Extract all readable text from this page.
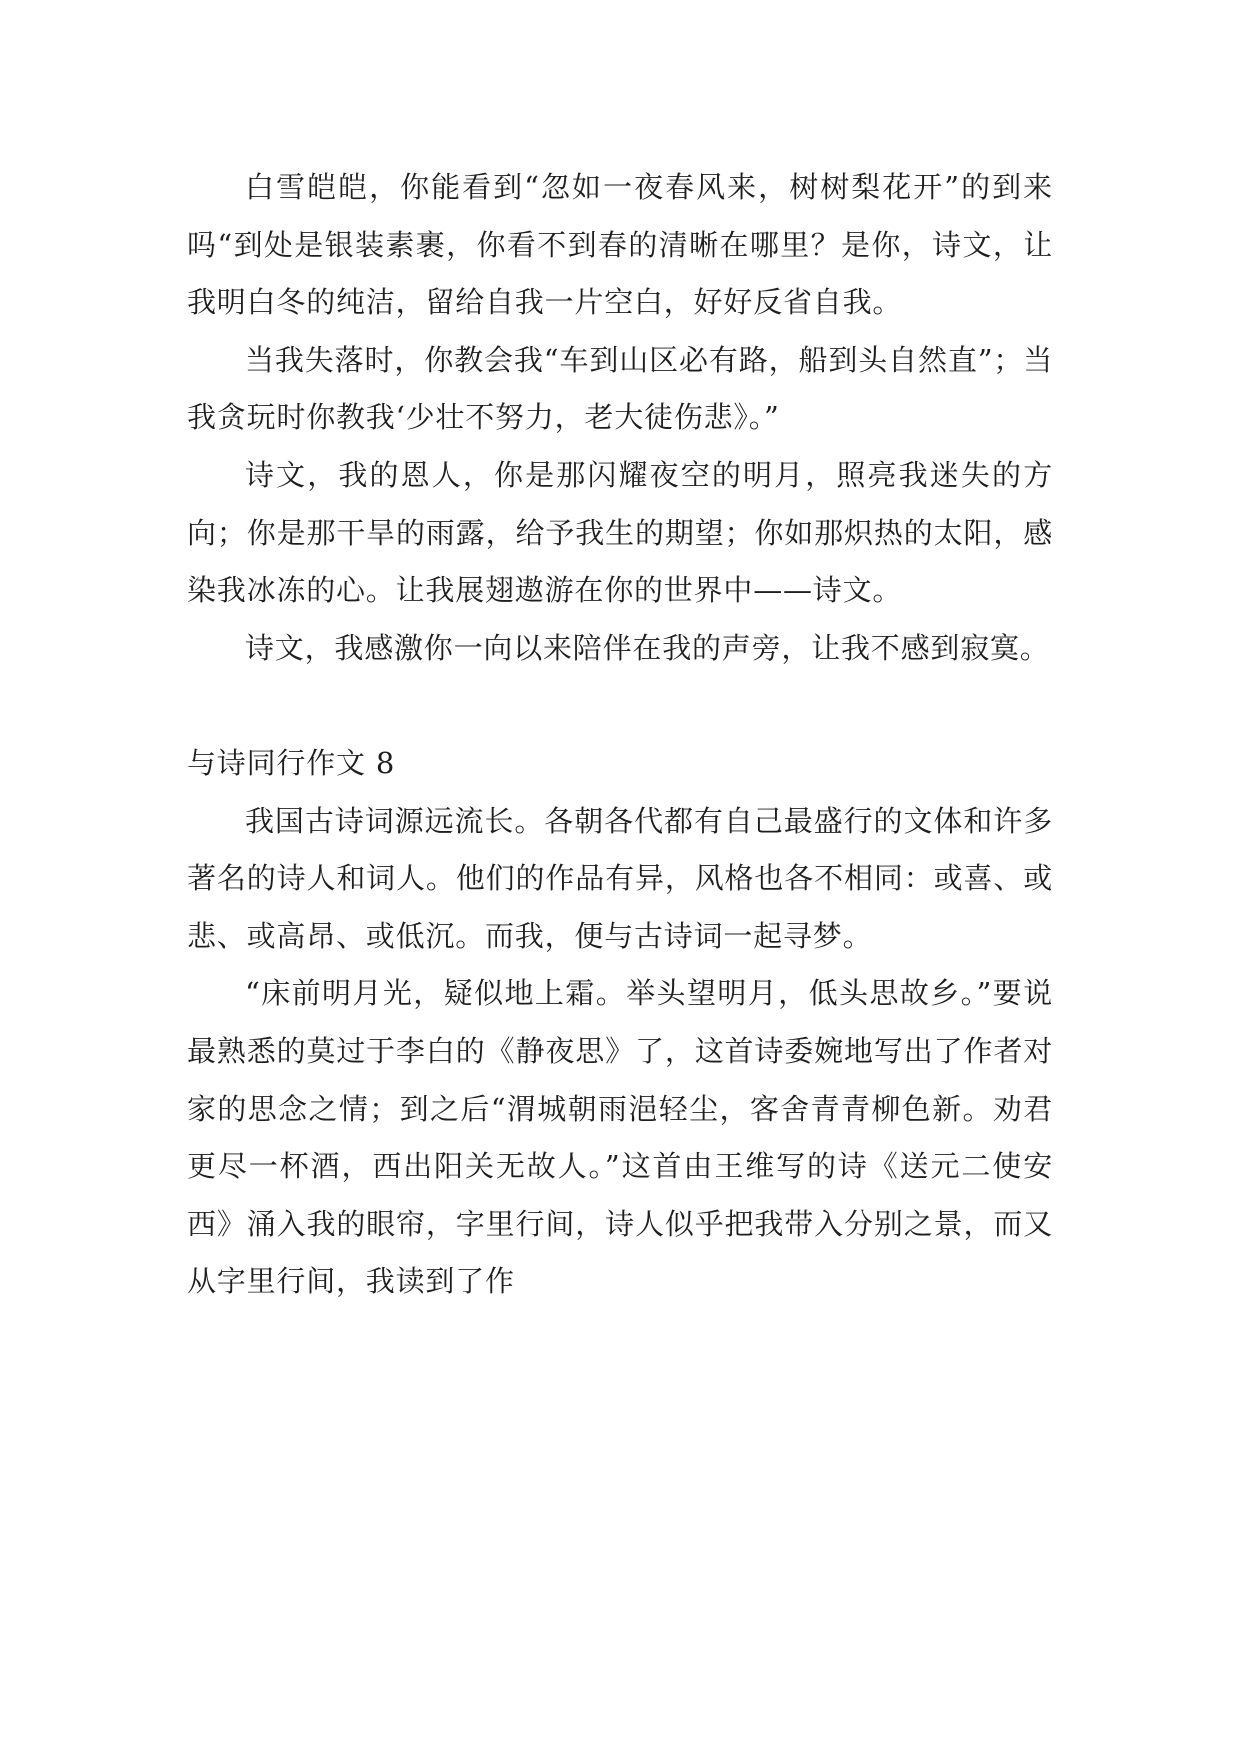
白雪皑皑，你能看到“忽如一夜春风来，树树梨花开”的到来吗“到处是银装素裹，你看不到春的清晰在哪里？是你，诗文，让我明白冬的纯洁，留给自我一片空白，好好反省自我。

当我失落时，你教会我“车到山区必有路，船到头自然直”；当我贪玩时你教我‘少壮不努力，老大徒伤悲》。”

诗文，我的恩人，你是那闪耀夜空的明月，照亮我迷失的方向；你是那干旱的雨露，给予我生的期望；你如那炽热的太阳，感染我冰冻的心。让我展翅遨游在你的世界中——诗文。

诗文，我感激你一向以来陪伴在我的声旁，让我不感到寂寞。

与诗同行作文 8

我国古诗词源远流长。各朝各代都有自己最盛行的文体和许多著名的诗人和词人。他们的作品有异，风格也各不相同：或喜、或悲、或高昂、或低沉。而我，便与古诗词一起寻梦。

“床前明月光，疑似地上霜。举头望明月，低头思故乡。”要说最熟悉的莫过于李白的《静夜思》了，这首诗委婉地写出了作者对家的思念之情；到之后“渭城朝雨浥轻尘，客舍青青柳色新。劝君更尽一杯酒，西出阳关无故人。”这首由王维写的诗《送元二使安西》涌入我的眼帘，字里行间，诗人似乎把我带入分别之景，而又从字里行间，我读到了作
